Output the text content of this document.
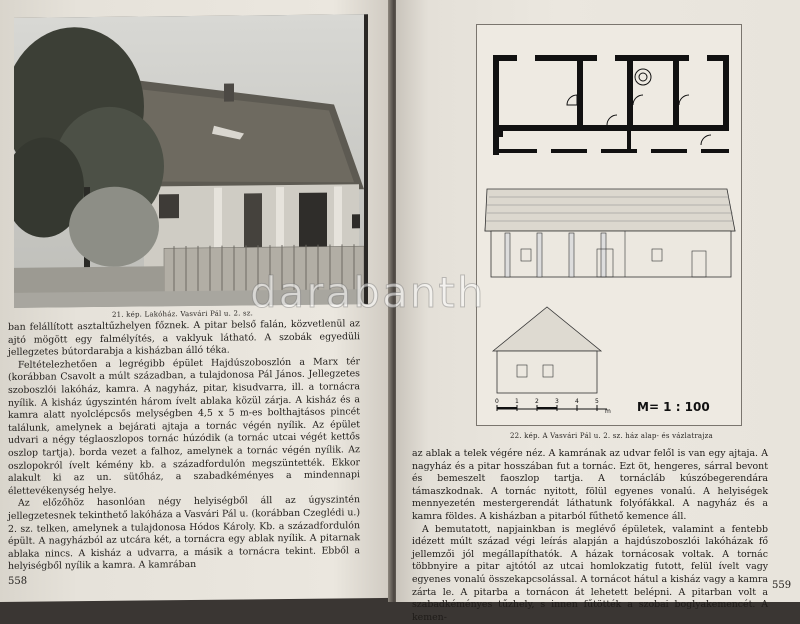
21. kép. Lakóház. Vasvári Pál u. 2. sz.

ban felállított asztaltűzhelyen főznek. A pitar belső falán, közvetlenül az ajtó mögött egy falmélyítés, a vaklyuk látható. A szobák egyedüli jellegzetes bútordarabja a kisházban álló téka.

Feltételezhetően a legrégibb épület Hajdúszoboszlón a Marx tér (korábban Csavolt a múlt században, a tulajdonosa Pál János. Jellegzetes szoboszlói lakóház, kamra. A nagyház, pitar, kisudvarra, ill. a tornácra nyílik. A kisház úgyszintén három ívelt ablaka közül zárja. A kisház és a kamra alatt nyolclépcsős melységben 4,5 x 5 m-es bolthajtásos pincét találunk, amelynek a bejárati ajtaja a tornác végén nyílik. Az épület udvari a négy téglaoszlopos tornác húzódik (a tornác utcai végét kettős oszlop tartja). borda vezet a falhoz, amelynek a tornác végén nyílik. Az oszlopokról ívelt kémény kb. a századfordulón megszüntették. Ekkor alakult ki az un. sütőház, a szabadkéményes a mindennapi élettevékenység helye.

Az előzőhöz hasonlóan négy helyiségből áll az úgyszintén jellegzetesnek tekinthető lakóháza a Vasvári Pál u. (korábban Czeglédi u.) 2. sz. telken, amelynek a tulajdonosa Hódos Károly. Kb. a századfordulón épült. A nagyházból az utcára két, a tornácra egy ablak nyílik. A pitarnak ablaka nincs. A kisház a udvarra, a másik a tornácra tekint. Ebből a helyiségből nyílik a kamra. A kamrában

558
0	1	2	3	4	5
m M= 1 : 100
22. kép. A Vasvári Pál u. 2. sz. ház alap- és vázlatrajza

az ablak a telek végére néz. A kamrának az udvar felől is van egy ajtaja. A nagyház és a pitar hosszában fut a tornác. Ezt öt, hengeres, sárral bevont és bemeszelt faoszlop tartja. A tornácláb kúszóbegerendára támaszkodnak. A tornác nyitott, fölül egyenes vonalú. A helyiségek mennyezetén mestergerendát láthatunk folyófákkal. A nagyház és a kamra földes. A kisházban a pitarból fűthető kemence áll.

A bemutatott, napjainkban is meglévő épületek, valamint a fentebb idézett múlt század végi leírás alapján a hajdúszoboszlói lakóházak fő jellemzői jól megállapíthatók. A házak tornácosak voltak. A tornác többnyire a pitar ajtótól az utcai homlokzatig futott, felül ívelt vagy egyenes vonalú összekapcsolással. A tornácot hátul a kisház vagy a kamra zárta le. A pitarba a tornácon át lehetett belépni. A pitarban volt a szabadkéményes tűzhely, s innen fűtötték a szobai boglyakemencét. A kemen-

559
darabanth
